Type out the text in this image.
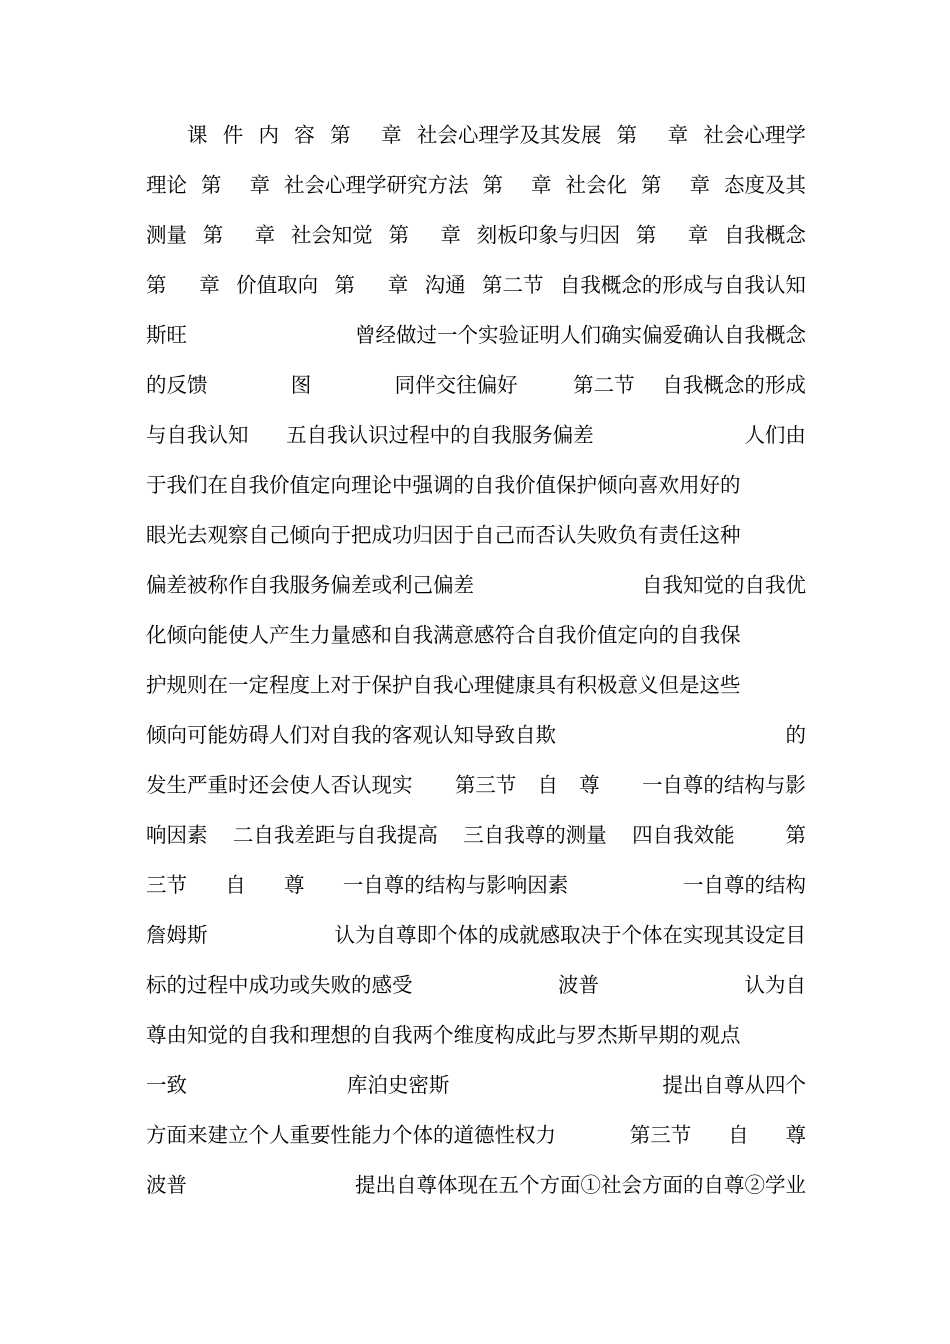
　　课 件 内 容 第 章 社会心理学及其发展 第 章 社会心理学
理论 第 章 社会心理学研究方法 第 章 社会化 第 章 态度及其
测量 第 章 社会知觉 第 章 刻板印象与归因 第 章 自我概念
第 章 价值取向 第 章 沟通 第二节 自我概念的形成与自我认知
斯旺	曾经做过一个实验证明人们确实偏爱确认自我概念
的反馈	图	同伴交往偏好	第二节 自我概念的形成
与自我认知 五自我认识过程中的自我服务偏差	人们由
于我们在自我价值定向理论中强调的自我价值保护倾向喜欢用好的
眼光去观察自己倾向于把成功归因于自己而否认失败负有责任这种
偏差被称作自我服务偏差或利己偏差	自我知觉的自我优
化倾向能使人产生力量感和自我满意感符合自我价值定向的自我保
护规则在一定程度上对于保护自我心理健康具有积极意义但是这些
倾向可能妨碍人们对自我的客观认知导致自欺	的
发生严重时还会使人否认现实 第三节 自 尊 一自尊的结构与影
响因素 二自我差距与自我提高 三自我尊的测量 四自我效能 第
三节 自 尊 一自尊的结构与影响因素	一自尊的结构
詹姆斯	认为自尊即个体的成就感取决于个体在实现其设定目
标的过程中成功或失败的感受	波普	认为自
尊由知觉的自我和理想的自我两个维度构成此与罗杰斯早期的观点
一致	库泊史密斯	提出自尊从四个
方面来建立个人重要性能力个体的道德性权力	第三节 自 尊
波普	提出自尊体现在五个方面①社会方面的自尊②学业
